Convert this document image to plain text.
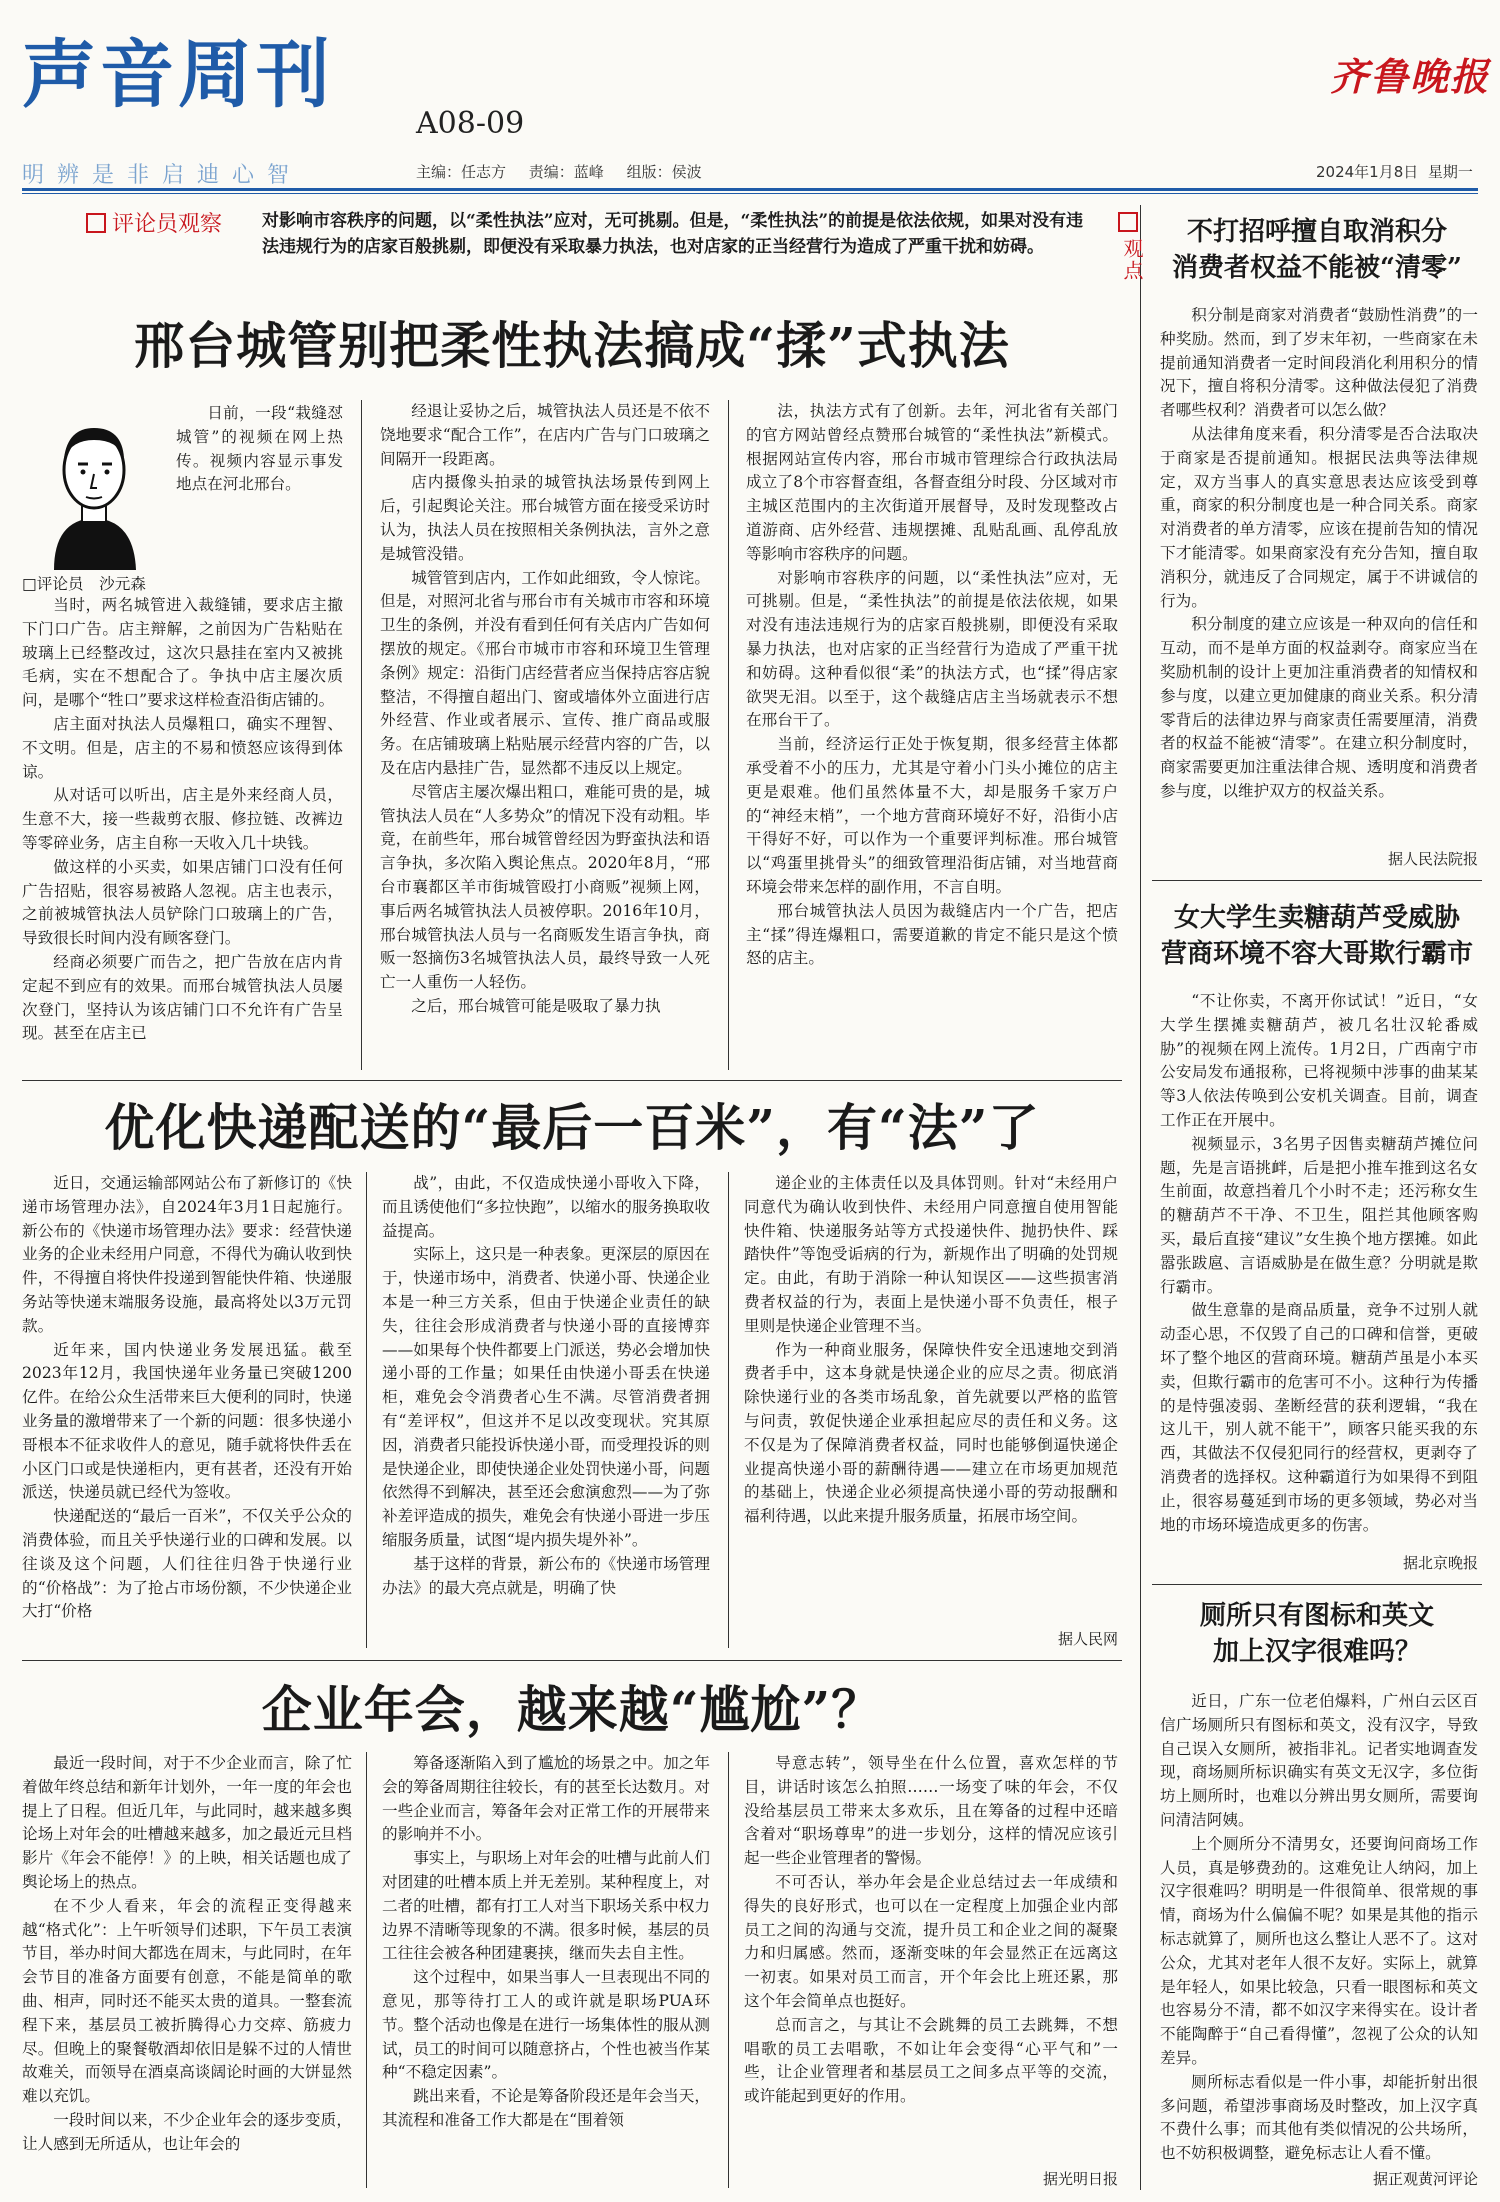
声音周刊
A08-09
齐鲁晚报
明辨是非启迪心智	主编：任志方 责编：蓝峰 组版：侯波	2024年1月8日 星期一
评论员观察 对影响市容秩序的问题，以“柔性执法”应对，无可挑剔。但是，“柔性执法”的前提是依法依规，如果对没有违法违规行为的店家百般挑剔，即便没有采取暴力执法，也对店家的正当经营行为造成了严重干扰和妨碍。
邢台城管别把柔性执法搞成“揉”式执法
□评论员　沙元森

日前，一段“栽缝怼城管”的视频在网上热传。视频内容显示事发地点在河北邢台。

当时，两名城管进入裁缝铺，要求店主撤下门口广告。店主辩解，之前因为广告粘贴在玻璃上已经整改过，这次只悬挂在室内又被挑毛病，实在不想配合了。争执中店主屡次质问，是哪个“牲口”要求这样检查沿街店铺的。

店主面对执法人员爆粗口，确实不理智、不文明。但是，店主的不易和愤怒应该得到体谅。

从对话可以听出，店主是外来经商人员，生意不大，接一些裁剪衣服、修拉链、改裤边等零碎业务，店主自称一天收入几十块钱。

做这样的小买卖，如果店铺门口没有任何广告招贴，很容易被路人忽视。店主也表示，之前被城管执法人员铲除门口玻璃上的广告，导致很长时间内没有顾客登门。

经商必须要广而告之，把广告放在店内肯定起不到应有的效果。而邢台城管执法人员屡次登门，坚持认为该店铺门口不允许有广告呈现。甚至在店主已

经退让妥协之后，城管执法人员还是不依不饶地要求“配合工作”，在店内广告与门口玻璃之间隔开一段距离。

店内摄像头拍录的城管执法场景传到网上后，引起舆论关注。邢台城管方面在接受采访时认为，执法人员在按照相关条例执法，言外之意是城管没错。

城管管到店内，工作如此细致，令人惊诧。但是，对照河北省与邢台市有关城市市容和环境卫生的条例，并没有看到任何有关店内广告如何摆放的规定。《邢台市城市市容和环境卫生管理条例》规定：沿街门店经营者应当保持店容店貌整洁，不得擅自超出门、窗或墙体外立面进行店外经营、作业或者展示、宣传、推广商品或服务。在店铺玻璃上粘贴展示经营内容的广告，以及在店内悬挂广告，显然都不违反以上规定。

尽管店主屡次爆出粗口，难能可贵的是，城管执法人员在“人多势众”的情况下没有动粗。毕竟，在前些年，邢台城管曾经因为野蛮执法和语言争执，多次陷入舆论焦点。2020年8月，“邢台市襄都区羊市街城管殴打小商贩”视频上网，事后两名城管执法人员被停职。2016年10月，邢台城管执法人员与一名商贩发生语言争执，商贩一怒摘伤3名城管执法人员，最终导致一人死亡一人重伤一人轻伤。

之后，邢台城管可能是吸取了暴力执

法，执法方式有了创新。去年，河北省有关部门的官方网站曾经点赞邢台城管的“柔性执法”新模式。根据网站宣传内容，邢台市城市管理综合行政执法局成立了8个市容督查组，各督查组分时段、分区域对市主城区范围内的主次街道开展督导，及时发现整改占道游商、店外经营、违规摆摊、乱贴乱画、乱停乱放等影响市容秩序的问题。

对影响市容秩序的问题，以“柔性执法”应对，无可挑剔。但是，“柔性执法”的前提是依法依规，如果对没有违法违规行为的店家百般挑剔，即便没有采取暴力执法，也对店家的正当经营行为造成了严重干扰和妨碍。这种看似很“柔”的执法方式，也“揉”得店家欲哭无泪。以至于，这个裁缝店店主当场就表示不想在邢台干了。

当前，经济运行正处于恢复期，很多经营主体都承受着不小的压力，尤其是守着小门头小摊位的店主更是艰难。他们虽然体量不大，却是服务千家万户的“神经末梢”，一个地方营商环境好不好，沿街小店干得好不好，可以作为一个重要评判标准。邢台城管以“鸡蛋里挑骨头”的细致管理沿街店铺，对当地营商环境会带来怎样的副作用，不言自明。

邢台城管执法人员因为裁缝店内一个广告，把店主“揉”得连爆粗口，需要道歉的肯定不能只是这个愤怒的店主。

优化快递配送的“最后一百米”，有“法”了

近日，交通运输部网站公布了新修订的《快递市场管理办法》，自2024年3月1日起施行。新公布的《快递市场管理办法》要求：经营快递业务的企业未经用户同意，不得代为确认收到快件，不得擅自将快件投递到智能快件箱、快递服务站等快递末端服务设施，最高将处以3万元罚款。

近年来，国内快递业务发展迅猛。截至2023年12月，我国快递年业务量已突破1200亿件。在给公众生活带来巨大便利的同时，快递业务量的激增带来了一个新的问题：很多快递小哥根本不征求收件人的意见，随手就将快件丢在小区门口或是快递柜内，更有甚者，还没有开始派送，快递员就已经代为签收。

快递配送的“最后一百米”，不仅关乎公众的消费体验，而且关乎快递行业的口碑和发展。以往谈及这个问题，人们往往归咎于快递行业的“价格战”：为了抢占市场份额，不少快递企业大打“价格

战”，由此，不仅造成快递小哥收入下降，而且诱使他们“多拉快跑”，以缩水的服务换取收益提高。

实际上，这只是一种表象。更深层的原因在于，快递市场中，消费者、快递小哥、快递企业本是一种三方关系，但由于快递企业责任的缺失，往往会形成消费者与快递小哥的直接博弈——如果每个快件都要上门派送，势必会增加快递小哥的工作量；如果任由快递小哥丢在快递柜，难免会令消费者心生不满。尽管消费者拥有“差评权”，但这并不足以改变现状。究其原因，消费者只能投诉快递小哥，而受理投诉的则是快递企业，即使快递企业处罚快递小哥，问题依然得不到解决，甚至还会愈演愈烈——为了弥补差评造成的损失，难免会有快递小哥进一步压缩服务质量，试图“堤内损失堤外补”。

基于这样的背景，新公布的《快递市场管理办法》的最大亮点就是，明确了快

递企业的主体责任以及具体罚则。针对“未经用户同意代为确认收到快件、未经用户同意擅自使用智能快件箱、快递服务站等方式投递快件、抛扔快件、踩踏快件”等饱受诟病的行为，新规作出了明确的处罚规定。由此，有助于消除一种认知误区——这些损害消费者权益的行为，表面上是快递小哥不负责任，根子里则是快递企业管理不当。

作为一种商业服务，保障快件安全迅速地交到消费者手中，这本身就是快递企业的应尽之责。彻底消除快递行业的各类市场乱象，首先就要以严格的监管与问责，敦促快递企业承担起应尽的责任和义务。这不仅是为了保障消费者权益，同时也能够倒逼快递企业提高快递小哥的薪酬待遇——建立在市场更加规范的基础上，快递企业必须提高快递小哥的劳动报酬和福利待遇，以此来提升服务质量，拓展市场空间。

据人民网
企业年会，越来越“尴尬”？

最近一段时间，对于不少企业而言，除了忙着做年终总结和新年计划外，一年一度的年会也提上了日程。但近几年，与此同时，越来越多舆论场上对年会的吐槽越来越多，加之最近元旦档影片《年会不能停！》的上映，相关话题也成了舆论场上的热点。

在不少人看来，年会的流程正变得越来越“格式化”：上午听领导们述职，下午员工表演节目，举办时间大都选在周末，与此同时，在年会节目的准备方面要有创意，不能是简单的歌曲、相声，同时还不能买太贵的道具。一整套流程下来，基层员工被折腾得心力交瘁、筋疲力尽。但晚上的聚餐敬酒却依旧是躲不过的人情世故难关，而领导在酒桌高谈阔论时画的大饼显然难以充饥。

一段时间以来，不少企业年会的逐步变质，让人感到无所适从，也让年会的

筹备逐渐陷入到了尴尬的场景之中。加之年会的筹备周期往往较长，有的甚至长达数月。对一些企业而言，筹备年会对正常工作的开展带来的影响并不小。

事实上，与职场上对年会的吐槽与此前人们对团建的吐槽本质上并无差别。某种程度上，对二者的吐槽，都有打工人对当下职场关系中权力边界不清晰等现象的不满。很多时候，基层的员工往往会被各种团建裹挟，继而失去自主性。

这个过程中，如果当事人一旦表现出不同的意见，那等待打工人的或许就是职场PUA环节。整个活动也像是在进行一场集体性的服从测试，员工的时间可以随意挤占，个性也被当作某种“不稳定因素”。

跳出来看，不论是筹备阶段还是年会当天，其流程和准备工作大都是在“围着领

导意志转”，领导坐在什么位置，喜欢怎样的节目，讲话时该怎么拍照……一场变了味的年会，不仅没给基层员工带来太多欢乐，且在筹备的过程中还暗含着对“职场尊卑”的进一步划分，这样的情况应该引起一些企业管理者的警惕。

不可否认，举办年会是企业总结过去一年成绩和得失的良好形式，也可以在一定程度上加强企业内部员工之间的沟通与交流，提升员工和企业之间的凝聚力和归属感。然而，逐渐变味的年会显然正在远离这一初衷。如果对员工而言，开个年会比上班还累，那这个年会简单点也挺好。

总而言之，与其让不会跳舞的员工去跳舞，不想唱歌的员工去唱歌，不如让年会变得“心平气和”一些，让企业管理者和基层员工之间多点平等的交流，或许能起到更好的作用。

据光明日报
观点
不打招呼擅自取消积分
消费者权益不能被“清零”

积分制是商家对消费者“鼓励性消费”的一种奖励。然而，到了岁末年初，一些商家在未提前通知消费者一定时间段消化利用积分的情况下，擅自将积分清零。这种做法侵犯了消费者哪些权利？消费者可以怎么做？

从法律角度来看，积分清零是否合法取决于商家是否提前通知。根据民法典等法律规定，双方当事人的真实意思表达应该受到尊重，商家的积分制度也是一种合同关系。商家对消费者的单方清零，应该在提前告知的情况下才能清零。如果商家没有充分告知，擅自取消积分，就违反了合同规定，属于不讲诚信的行为。

积分制度的建立应该是一种双向的信任和互动，而不是单方面的权益剥夺。商家应当在奖励机制的设计上更加注重消费者的知情权和参与度，以建立更加健康的商业关系。积分清零背后的法律边界与商家责任需要厘清，消费者的权益不能被“清零”。在建立积分制度时，商家需要更加注重法律合规、透明度和消费者参与度，以维护双方的权益关系。

据人民法院报
女大学生卖糖葫芦受威胁
营商环境不容大哥欺行霸市

“不让你卖，不离开你试试！”近日，“女大学生摆摊卖糖葫芦，被几名壮汉轮番威胁”的视频在网上流传。1月2日，广西南宁市公安局发布通报称，已将视频中涉事的曲某某等3人依法传唤到公安机关调查。目前，调查工作正在开展中。

视频显示，3名男子因售卖糖葫芦摊位问题，先是言语挑衅，后是把小推车推到这名女生前面，故意挡着几个小时不走；还污称女生的糖葫芦不干净、不卫生，阻拦其他顾客购买，最后直接“建议”女生换个地方摆摊。如此嚣张跋扈、言语威胁是在做生意？分明就是欺行霸市。

做生意靠的是商品质量，竞争不过别人就动歪心思，不仅毁了自己的口碑和信誉，更破坏了整个地区的营商环境。糖葫芦虽是小本买卖，但欺行霸市的危害可不小。这种行为传播的是恃强凌弱、垄断经营的获利逻辑，“我在这儿干，别人就不能干”，顾客只能买我的东西，其做法不仅侵犯同行的经营权，更剥夺了消费者的选择权。这种霸道行为如果得不到阻止，很容易蔓延到市场的更多领域，势必对当地的市场环境造成更多的伤害。

据北京晚报
厕所只有图标和英文
加上汉字很难吗？

近日，广东一位老伯爆料，广州白云区百信广场厕所只有图标和英文，没有汉字，导致自己误入女厕所，被指非礼。记者实地调查发现，商场厕所标识确实有英文无汉字，多位街坊上厕所时，也难以分辨出男女厕所，需要询问清洁阿姨。

上个厕所分不清男女，还要询问商场工作人员，真是够费劲的。这难免让人纳闷，加上汉字很难吗？明明是一件很简单、很常规的事情，商场为什么偏偏不呢？如果是其他的指示标志就算了，厕所也这么整让人恶不了。这对公众，尤其对老年人很不友好。实际上，就算是年轻人，如果比较急，只看一眼图标和英文也容易分不清，都不如汉字来得实在。设计者不能陶醉于“自己看得懂”，忽视了公众的认知差异。

厕所标志看似是一件小事，却能折射出很多问题，希望涉事商场及时整改，加上汉字真不费什么事；而其他有类似情况的公共场所，也不妨积极调整，避免标志让人看不懂。

据正观黄河评论
